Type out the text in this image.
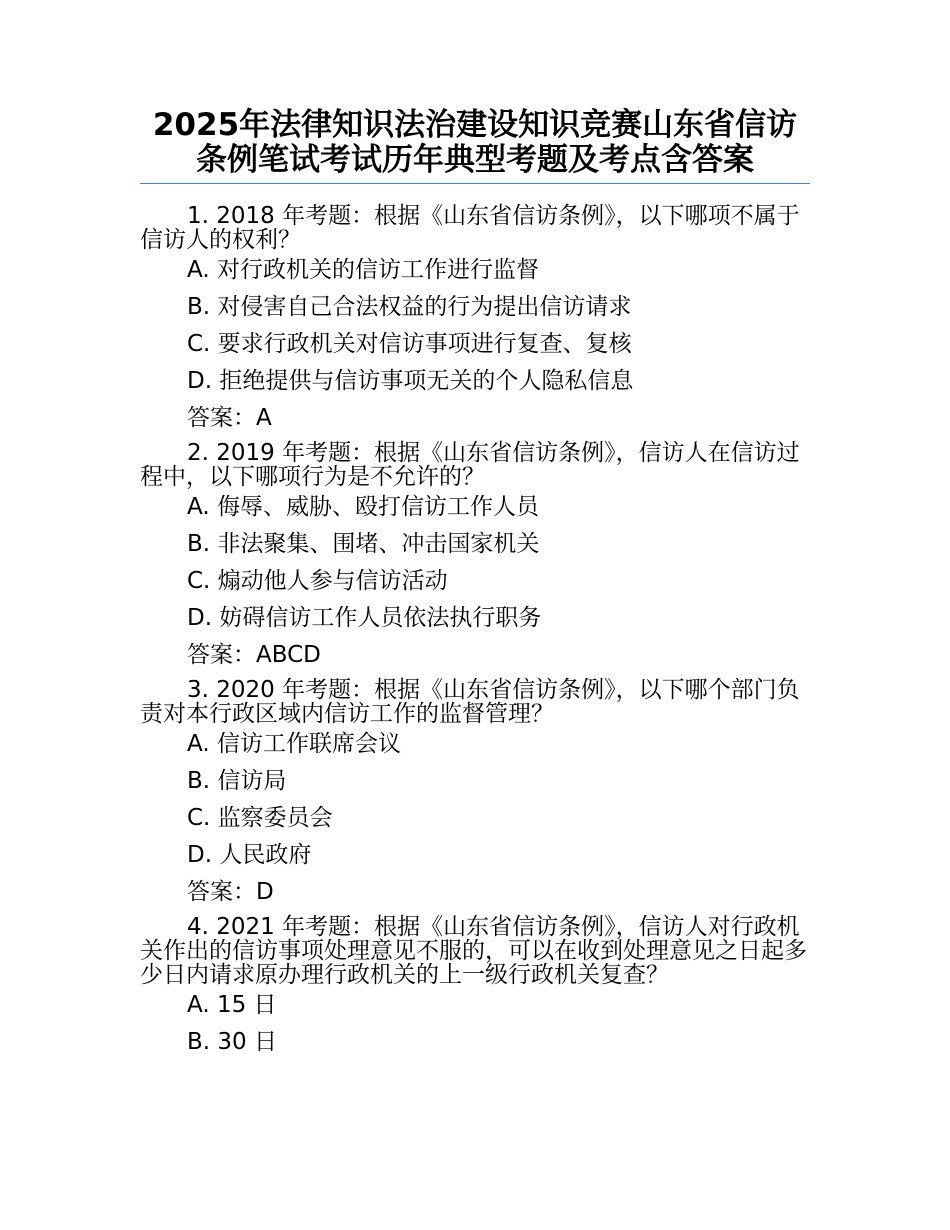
2025年法律知识法治建设知识竞赛山东省信访条例笔试考试历年典型考题及考点含答案

1. 2018 年考题：根据《山东省信访条例》，以下哪项不属于信访人的权利？

A. 对行政机关的信访工作进行监督

B. 对侵害自己合法权益的行为提出信访请求

C. 要求行政机关对信访事项进行复查、复核

D. 拒绝提供与信访事项无关的个人隐私信息

答案：A

2. 2019 年考题：根据《山东省信访条例》，信访人在信访过程中，以下哪项行为是不允许的？

A. 侮辱、威胁、殴打信访工作人员

B. 非法聚集、围堵、冲击国家机关

C. 煽动他人参与信访活动

D. 妨碍信访工作人员依法执行职务

答案：ABCD

3. 2020 年考题：根据《山东省信访条例》，以下哪个部门负责对本行政区域内信访工作的监督管理？

A. 信访工作联席会议

B. 信访局

C. 监察委员会

D. 人民政府

答案：D

4. 2021 年考题：根据《山东省信访条例》，信访人对行政机关作出的信访事项处理意见不服的，可以在收到处理意见之日起多少日内请求原办理行政机关的上一级行政机关复查？

A. 15 日

B. 30 日
